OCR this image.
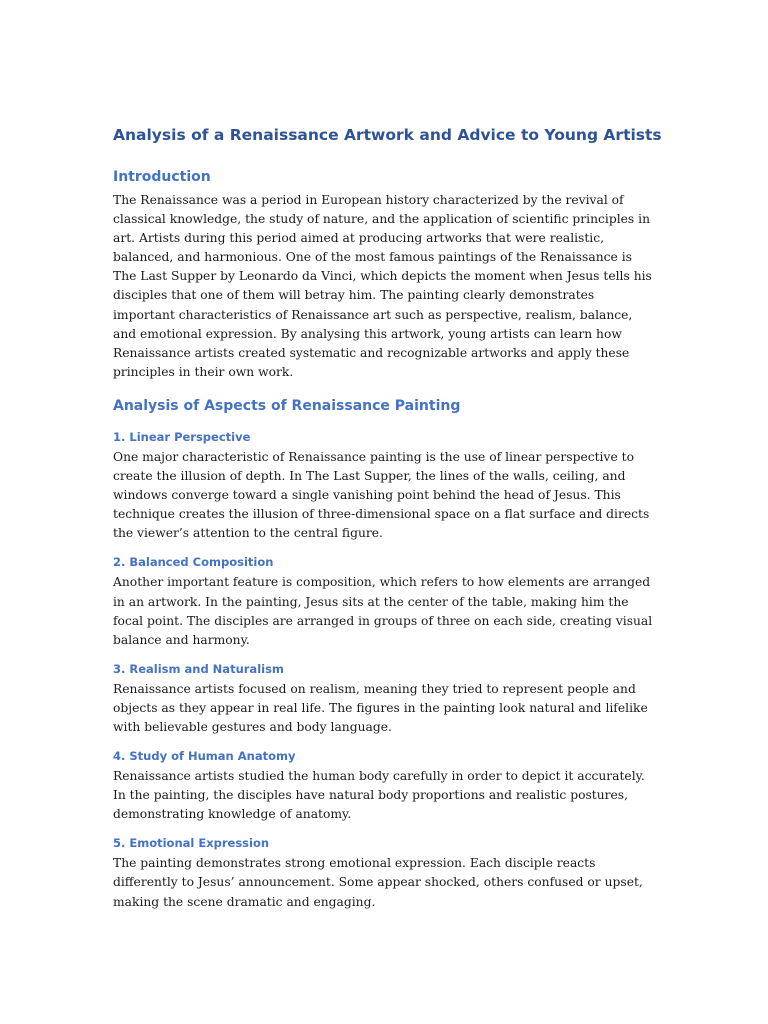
Analysis of a Renaissance Artwork and Advice to Young Artists
Introduction

The Renaissance was a period in European history characterized by the revival of classical knowledge, the study of nature, and the application of scientific principles in art. Artists during this period aimed at producing artworks that were realistic, balanced, and harmonious. One of the most famous paintings of the Renaissance is The Last Supper by Leonardo da Vinci, which depicts the moment when Jesus tells his disciples that one of them will betray him. The painting clearly demonstrates important characteristics of Renaissance art such as perspective, realism, balance, and emotional expression. By analysing this artwork, young artists can learn how Renaissance artists created systematic and recognizable artworks and apply these principles in their own work.

Analysis of Aspects of Renaissance Painting
1. Linear Perspective

One major characteristic of Renaissance painting is the use of linear perspective to create the illusion of depth. In The Last Supper, the lines of the walls, ceiling, and windows converge toward a single vanishing point behind the head of Jesus. This technique creates the illusion of three-dimensional space on a flat surface and directs the viewer’s attention to the central figure.

2. Balanced Composition

Another important feature is composition, which refers to how elements are arranged in an artwork. In the painting, Jesus sits at the center of the table, making him the focal point. The disciples are arranged in groups of three on each side, creating visual balance and harmony.

3. Realism and Naturalism

Renaissance artists focused on realism, meaning they tried to represent people and objects as they appear in real life. The figures in the painting look natural and lifelike with believable gestures and body language.

4. Study of Human Anatomy

Renaissance artists studied the human body carefully in order to depict it accurately. In the painting, the disciples have natural body proportions and realistic postures, demonstrating knowledge of anatomy.

5. Emotional Expression

The painting demonstrates strong emotional expression. Each disciple reacts differently to Jesus’ announcement. Some appear shocked, others confused or upset, making the scene dramatic and engaging.
